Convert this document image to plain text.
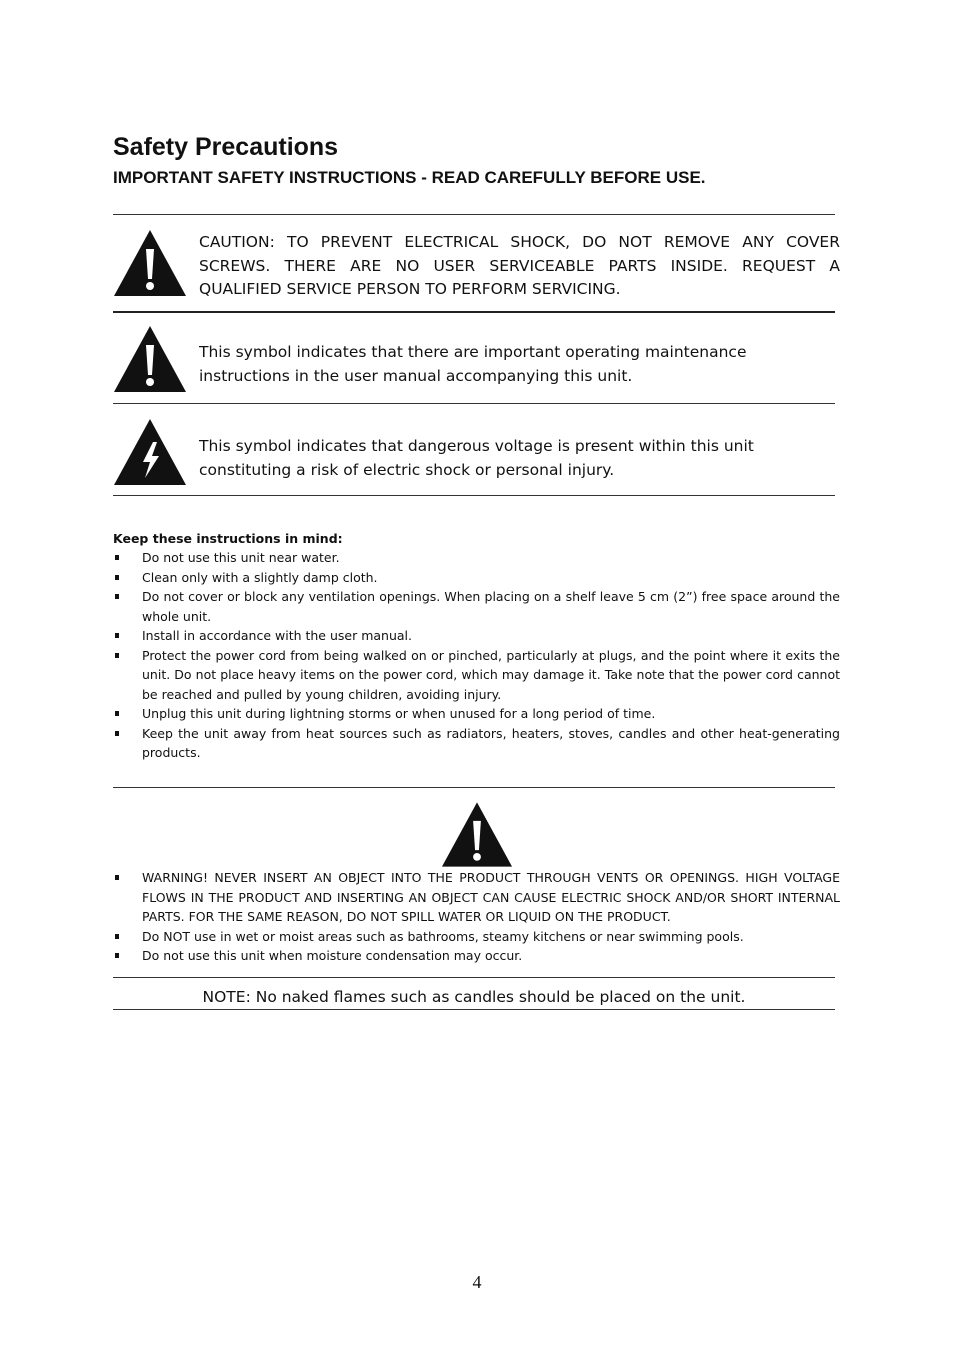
Safety Precautions
IMPORTANT SAFETY INSTRUCTIONS - READ CAREFULLY BEFORE USE.
CAUTION: TO PREVENT ELECTRICAL SHOCK, DO NOT REMOVE ANY COVER SCREWS. THERE ARE NO USER SERVICEABLE PARTS INSIDE. REQUEST A QUALIFIED SERVICE PERSON TO PERFORM SERVICING.
This symbol indicates that there are important operating maintenance instructions in the user manual accompanying this unit.
This symbol indicates that dangerous voltage is present within this unit constituting a risk of electric shock or personal injury.
Keep these instructions in mind:
Do not use this unit near water.
Clean only with a slightly damp cloth.
Do not cover or block any ventilation openings. When placing on a shelf leave 5 cm (2”) free space around the whole unit.
Install in accordance with the user manual.
Protect the power cord from being walked on or pinched, particularly at plugs, and the point where it exits the unit. Do not place heavy items on the power cord, which may damage it. Take note that the power cord cannot be reached and pulled by young children, avoiding injury.
Unplug this unit during lightning storms or when unused for a long period of time.
Keep the unit away from heat sources such as radiators, heaters, stoves, candles and other heat-generating products.
WARNING! NEVER INSERT AN OBJECT INTO THE PRODUCT THROUGH VENTS OR OPENINGS. HIGH VOLTAGE FLOWS IN THE PRODUCT AND INSERTING AN OBJECT CAN CAUSE ELECTRIC SHOCK AND/OR SHORT INTERNAL PARTS. FOR THE SAME REASON, DO NOT SPILL WATER OR LIQUID ON THE PRODUCT.
Do NOT use in wet or moist areas such as bathrooms, steamy kitchens or near swimming pools.
Do not use this unit when moisture condensation may occur.
NOTE: No naked flames such as candles should be placed on the unit.
4
